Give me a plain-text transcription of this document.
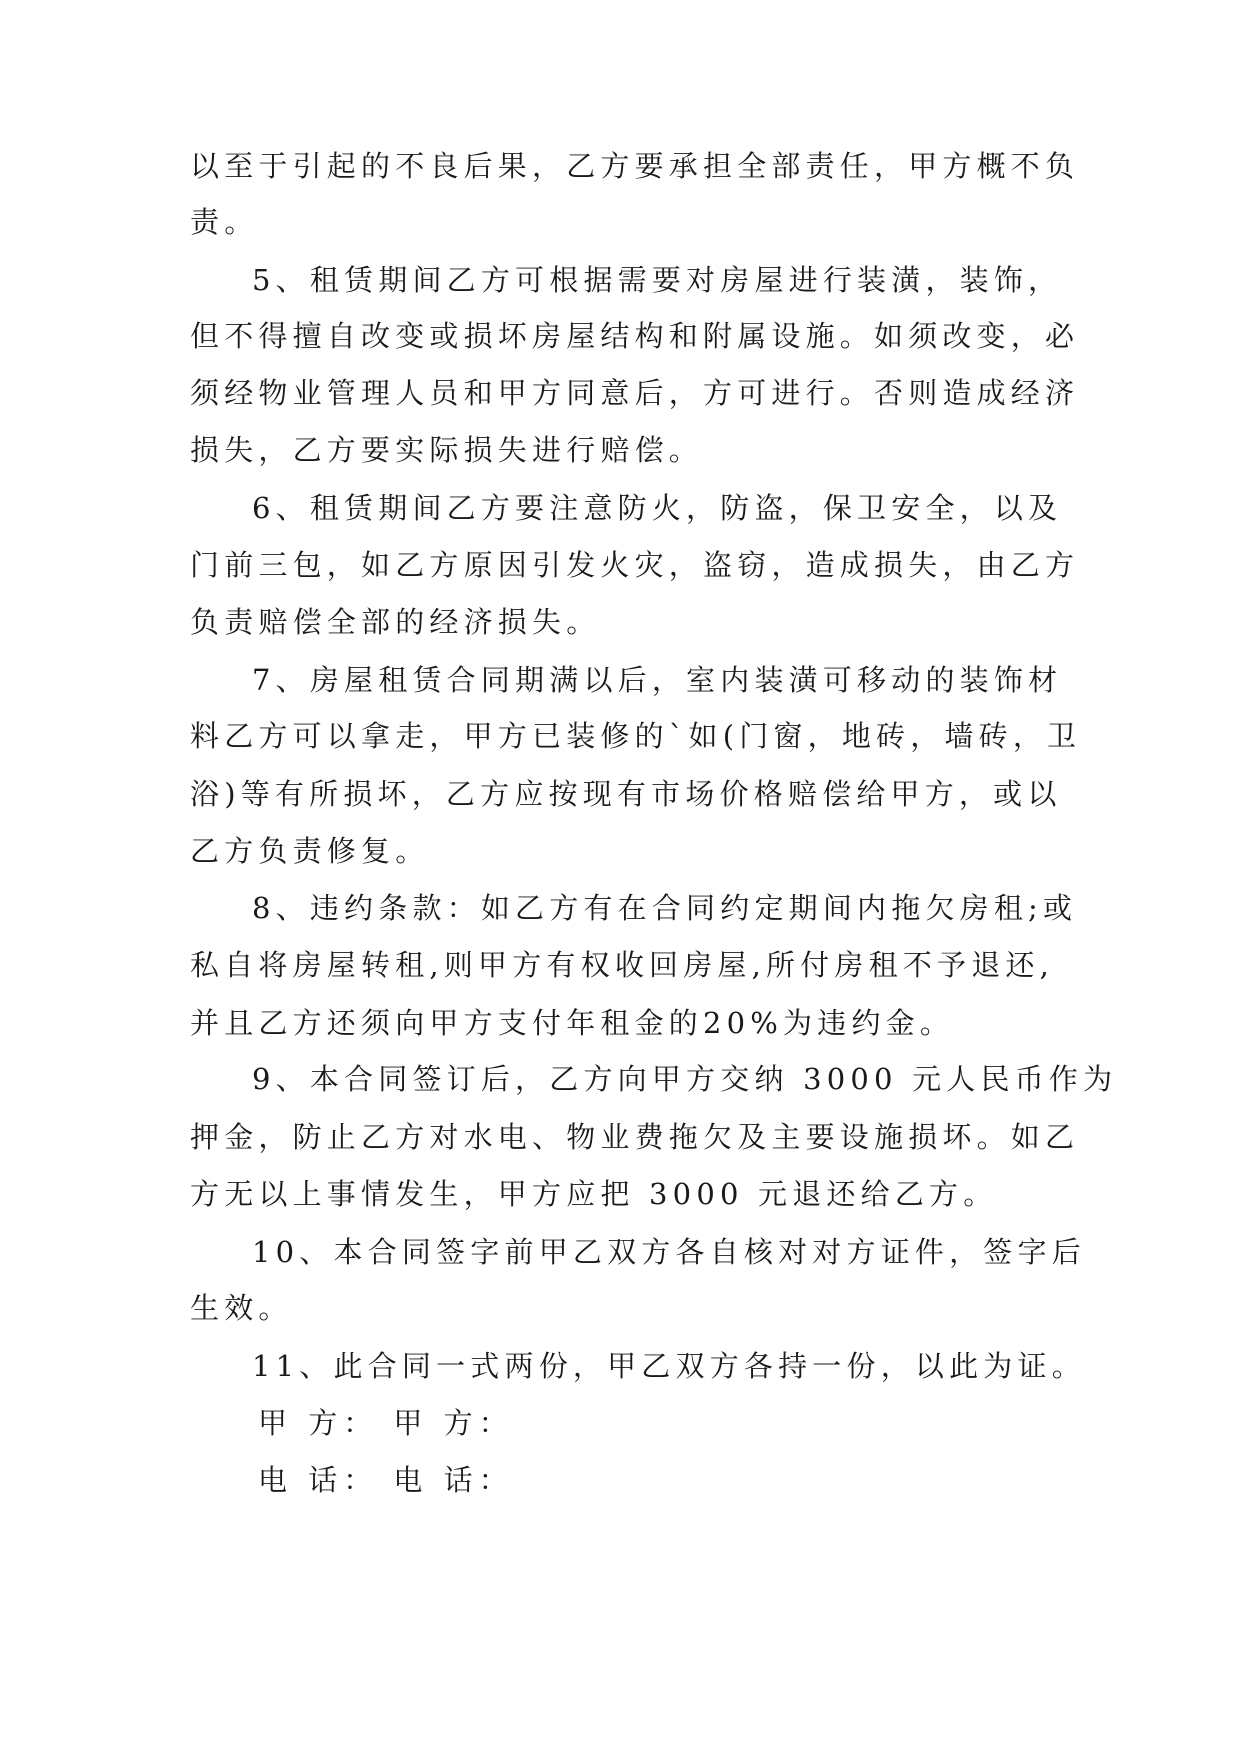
以至于引起的不良后果，乙方要承担全部责任，甲方概不负
责。
5、租赁期间乙方可根据需要对房屋进行装潢，装饰，
但不得擅自改变或损坏房屋结构和附属设施。如须改变，必
须经物业管理人员和甲方同意后，方可进行。否则造成经济
损失，乙方要实际损失进行赔偿。
6、租赁期间乙方要注意防火，防盗，保卫安全，以及
门前三包，如乙方原因引发火灾，盗窃，造成损失，由乙方
负责赔偿全部的经济损失。
7、房屋租赁合同期满以后，室内装潢可移动的装饰材
料乙方可以拿走，甲方已装修的`如(门窗，地砖，墙砖，卫
浴)等有所损坏，乙方应按现有市场价格赔偿给甲方，或以
乙方负责修复。
8、违约条款：如乙方有在合同约定期间内拖欠房租;或
私自将房屋转租,则甲方有权收回房屋,所付房租不予退还,
并且乙方还须向甲方支付年租金的20%为违约金。
9、本合同签订后，乙方向甲方交纳 3000 元人民币作为
押金，防止乙方对水电、物业费拖欠及主要设施损坏。如乙
方无以上事情发生，甲方应把 3000 元退还给乙方。
10、本合同签字前甲乙双方各自核对对方证件，签字后
生效。
11、此合同一式两份，甲乙双方各持一份，以此为证。
甲 方： 甲 方：
电 话： 电 话：
